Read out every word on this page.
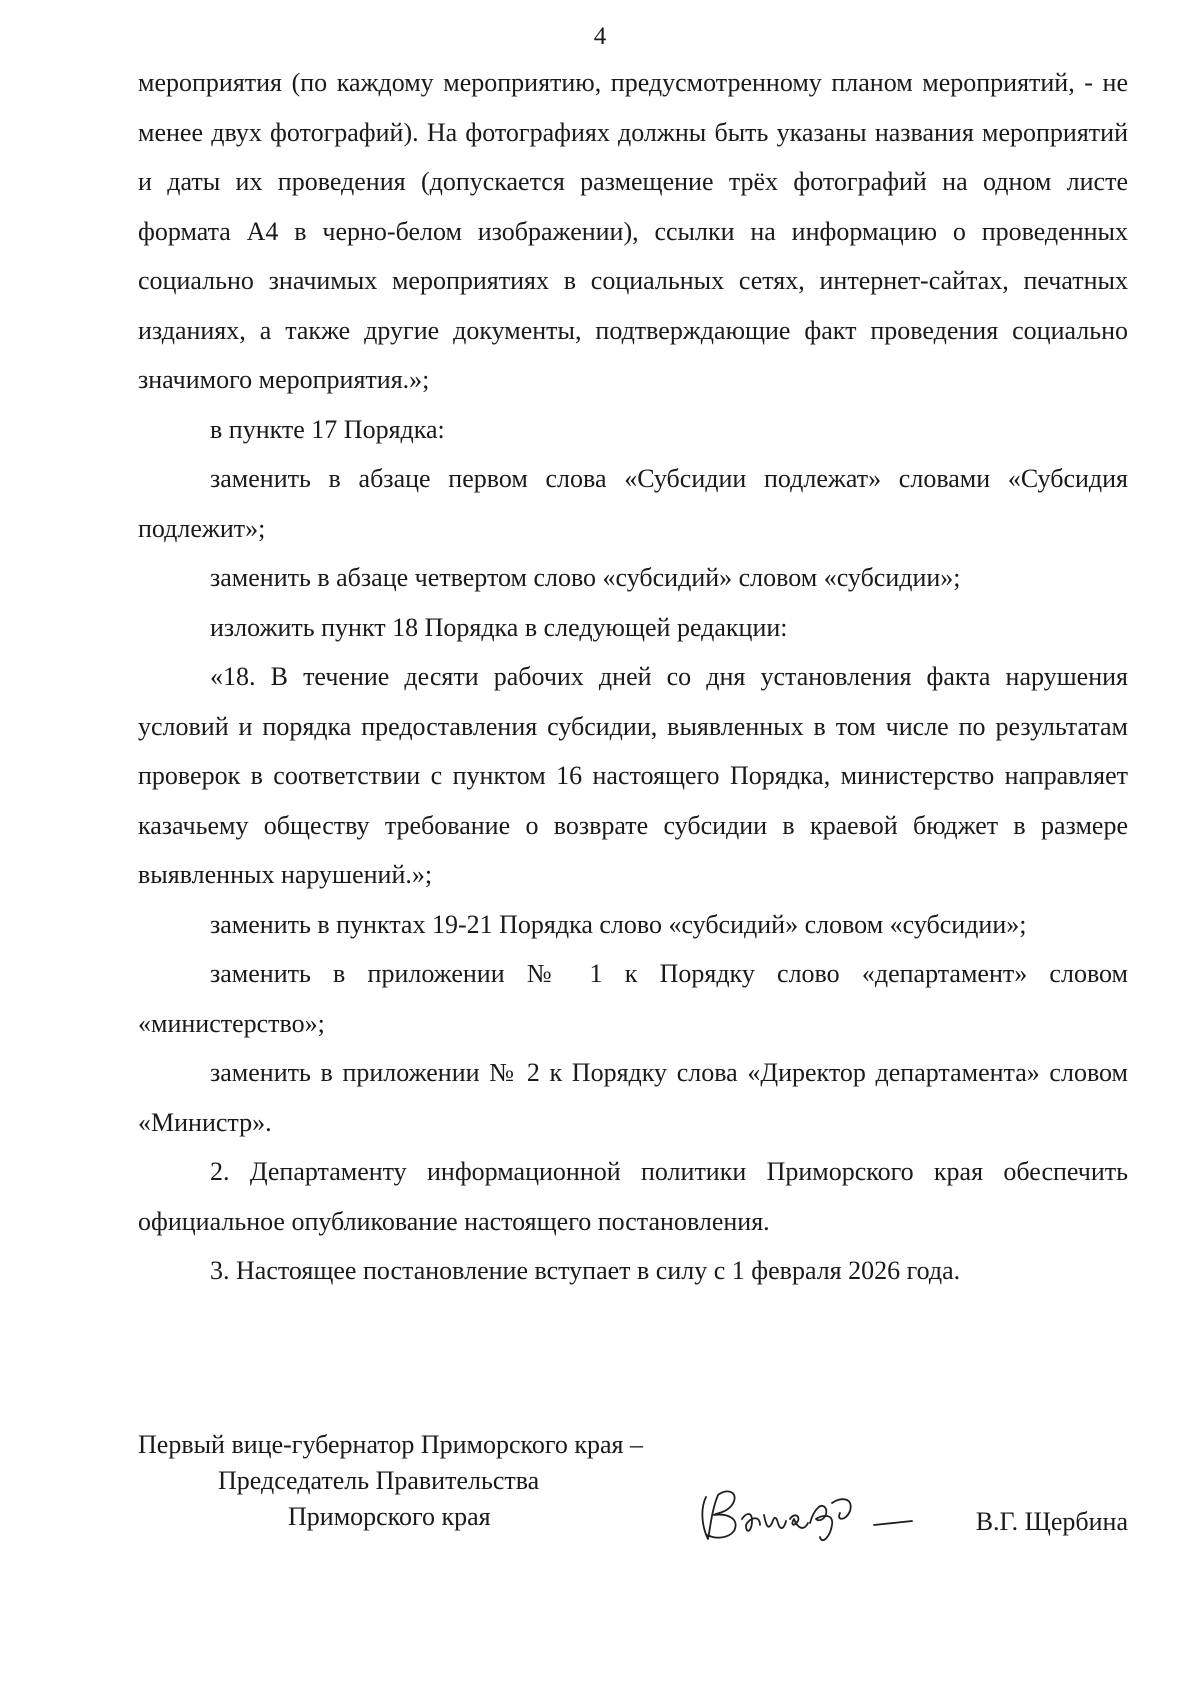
4

мероприятия (по каждому мероприятию, предусмотренному планом мероприятий, - не менее двух фотографий). На фотографиях должны быть указаны названия мероприятий и даты их проведения (допускается размещение трёх фотографий на одном листе формата А4 в черно-белом изображении), ссылки на информацию о проведенных социально значимых мероприятиях в социальных сетях, интернет-сайтах, печатных изданиях, а также другие документы, подтверждающие факт проведения социально значимого мероприятия.»;

в пункте 17 Порядка:

заменить в абзаце первом слова «Субсидии подлежат» словами «Субсидия подлежит»;

заменить в абзаце четвертом слово «субсидий» словом «субсидии»;

изложить пункт 18 Порядка в следующей редакции:

«18. В течение десяти рабочих дней со дня установления факта нарушения условий и порядка предоставления субсидии, выявленных в том числе по результатам проверок в соответствии с пунктом 16 настоящего Порядка, министерство направляет казачьему обществу требование о возврате субсидии в краевой бюджет в размере выявленных нарушений.»;

заменить в пунктах 19-21 Порядка слово «субсидий» словом «субсидии»;

заменить в приложении № 1 к Порядку слово «департамент» словом «министерство»;

заменить в приложении № 2 к Порядку слова «Директор департамента» словом «Министр».

2. Департаменту информационной политики Приморского края обеспечить официальное опубликование настоящего постановления.

3. Настоящее постановление вступает в силу с 1 февраля 2026 года.

Первый вице-губернатор Приморского края –
Председатель Правительства
Приморского края	В.Г. Щербина
